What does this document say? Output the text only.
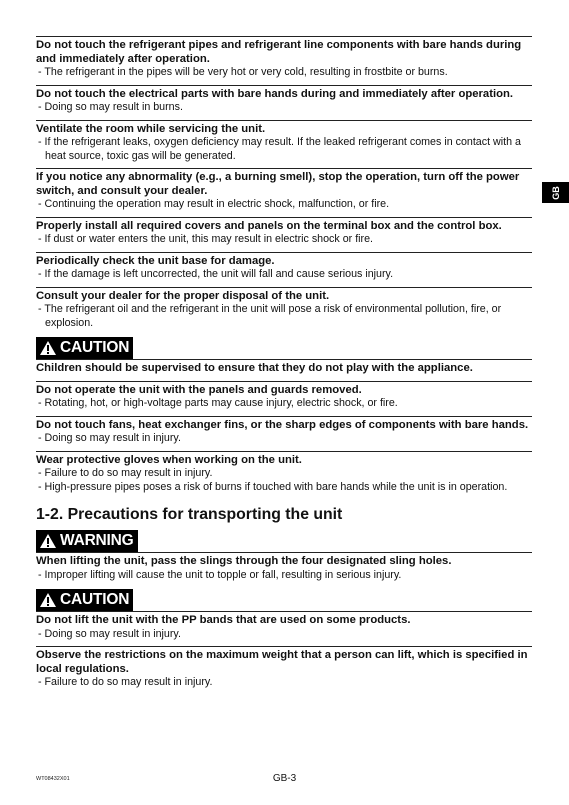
Do not touch the refrigerant pipes and refrigerant line components with bare hands during and immediately after operation.
- The refrigerant in the pipes will be very hot or very cold, resulting in frostbite or burns.
Do not touch the electrical parts with bare hands during and immediately after operation.
- Doing so may result in burns.
Ventilate the room while servicing the unit.
- If the refrigerant leaks, oxygen deficiency may result. If the leaked refrigerant comes in contact with a heat source, toxic gas will be generated.
If you notice any abnormality (e.g., a burning smell), stop the operation, turn off the power switch, and consult your dealer.
- Continuing the operation may result in electric shock, malfunction, or fire.
Properly install all required covers and panels on the terminal box and the control box.
- If dust or water enters the unit, this may result in electric shock or fire.
Periodically check the unit base for damage.
- If the damage is left uncorrected, the unit will fall and cause serious injury.
Consult your dealer for the proper disposal of the unit.
- The refrigerant oil and the refrigerant in the unit will pose a risk of environmental pollution, fire, or explosion.
CAUTION
Children should be supervised to ensure that they do not play with the appliance.
Do not operate the unit with the panels and guards removed.
- Rotating, hot, or high-voltage parts may cause injury, electric shock, or fire.
Do not touch fans, heat exchanger fins, or the sharp edges of components with bare hands.
- Doing so may result in injury.
Wear protective gloves when working on the unit.
- Failure to do so may result in injury.
- High-pressure pipes poses a risk of burns if touched with bare hands while the unit is in operation.
1-2. Precautions for transporting the unit
WARNING
When lifting the unit, pass the slings through the four designated sling holes.
- Improper lifting will cause the unit to topple or fall, resulting in serious injury.
CAUTION
Do not lift the unit with the PP bands that are used on some products.
- Doing so may result in injury.
Observe the restrictions on the maximum weight that a person can lift, which is specified in local regulations.
- Failure to do so may result in injury.
GB
WT08432X01	GB-3
